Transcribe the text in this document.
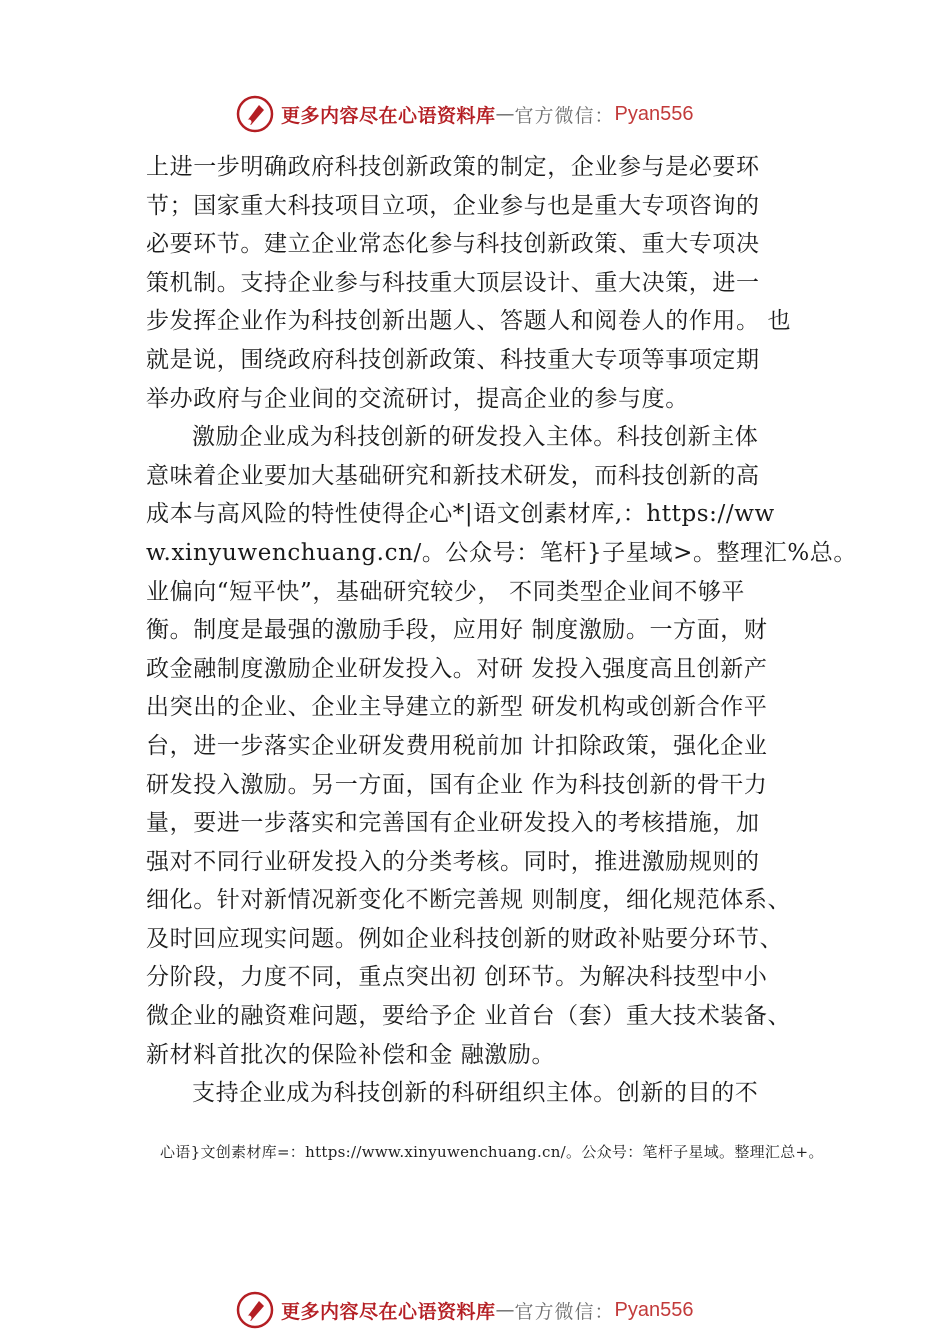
更多内容尽在心语资料库 — 官方微信： Pyan556
上进一步明确政府科技创新政策的制定，企业参与是必要环
节；国家重大科技项目立项，企业参与也是重大专项咨询的
必要环节。建立企业常态化参与科技创新政策、重大专项决
策机制。支持企业参与科技重大顶层设计、重大决策，进一
步发挥企业作为科技创新出题人、答题人和阅卷人的作用。 也
就是说，围绕政府科技创新政策、科技重大专项等事项定期
举办政府与企业间的交流研讨，提高企业的参与度。
激励企业成为科技创新的研发投入主体。科技创新主体
意味着企业要加大基础研究和新技术研发，而科技创新的高
成本与高风险的特性使得企心*|语文创素材库,：https://ww
w.xinyuwenchuang.cn/。公众号：笔杆}子星域>。整理汇%总。
业偏向“短平快”，基础研究较少， 不同类型企业间不够平
衡。制度是最强的激励手段，应用好 制度激励。一方面，财
政金融制度激励企业研发投入。对研 发投入强度高且创新产
出突出的企业、企业主导建立的新型 研发机构或创新合作平
台，进一步落实企业研发费用税前加 计扣除政策，强化企业
研发投入激励。另一方面，国有企业 作为科技创新的骨干力
量，要进一步落实和完善国有企业研发投入的考核措施，加
强对不同行业研发投入的分类考核。同时，推进激励规则的
细化。针对新情况新变化不断完善规 则制度，细化规范体系、
及时回应现实问题。例如企业科技创新的财政补贴要分环节、
分阶段，力度不同，重点突出初 创环节。为解决科技型中小
微企业的融资难问题，要给予企 业首台（套）重大技术装备、
新材料首批次的保险补偿和金 融激励。
支持企业成为科技创新的科研组织主体。创新的目的不
心语}文创素材库=：https://www.xinyuwenchuang.cn/。公众号：笔杆子星域。整理汇总+。
更多内容尽在心语资料库 — 官方微信： Pyan556
